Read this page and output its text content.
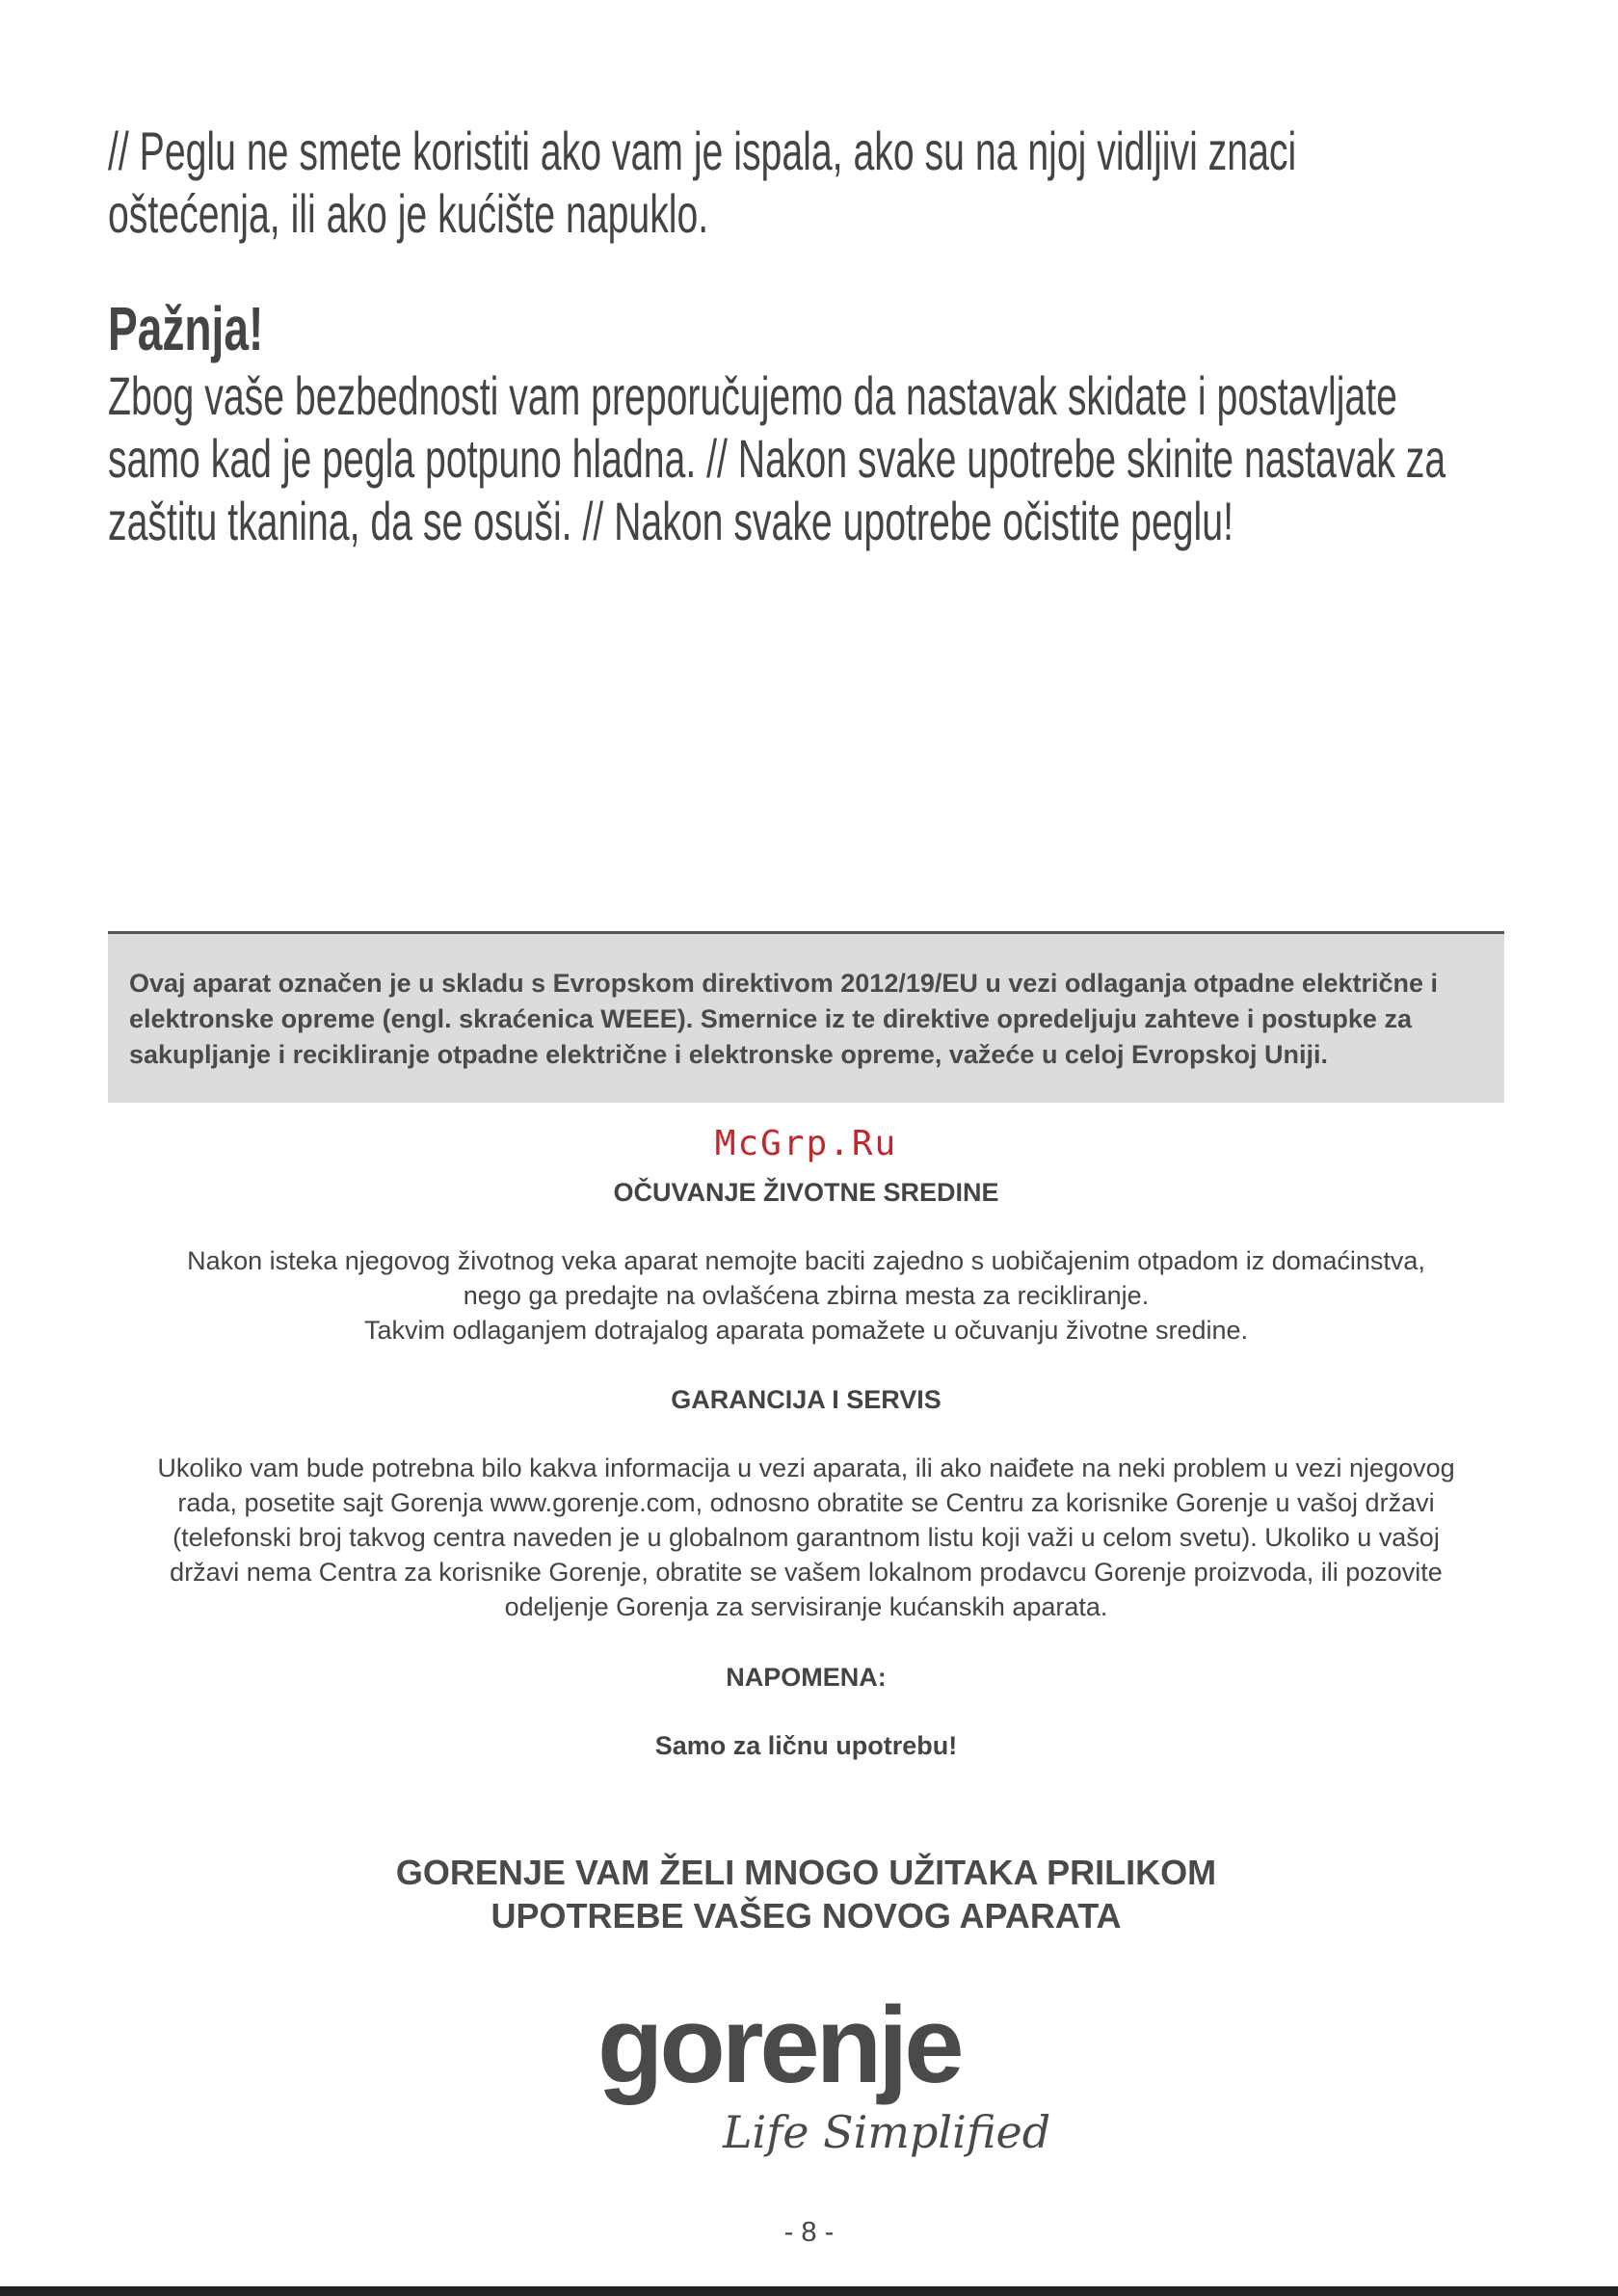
// Peglu ne smete koristiti ako vam je ispala, ako su na njoj vidljivi znaci oštećenja, ili ako je kućište napuklo.
Pažnja!
Zbog vaše bezbednosti vam preporučujemo da nastavak skidate i postavljate samo kad je pegla potpuno hladna. // Nakon svake upotrebe skinite nastavak za zaštitu tkanina, da se osuši. // Nakon svake upotrebe očistite peglu!
Ovaj aparat označen je u skladu s Evropskom direktivom 2012/19/EU u vezi odlaganja otpadne električne i elektronske opreme (engl. skraćenica WEEE). Smernice iz te direktive opredeljuju zahteve i postupke za sakupljanje i recikliranje otpadne električne i elektronske opreme, važeće u celoj Evropskoj Uniji.
McGrp.Ru
OČUVANJE ŽIVOTNE SREDINE
Nakon isteka njegovog životnog veka aparat nemojte baciti zajedno s uobičajenim otpadom iz domaćinstva,
nego ga predajte na ovlašćena zbirna mesta za recikliranje.
Takvim odlaganjem dotrajalog aparata pomažete u očuvanju životne sredine.
GARANCIJA I SERVIS
Ukoliko vam bude potrebna bilo kakva informacija u vezi aparata, ili ako naiđete na neki problem u vezi njegovog
rada, posetite sajt Gorenja www.gorenje.com, odnosno obratite se Centru za korisnike Gorenje u vašoj državi
(telefonski broj takvog centra naveden je u globalnom garantnom listu koji važi u celom svetu). Ukoliko u vašoj
državi nema Centra za korisnike Gorenje, obratite se vašem lokalnom prodavcu Gorenje proizvoda, ili pozovite
odeljenje Gorenja za servisiranje kućanskih aparata.
NAPOMENA:
Samo za ličnu upotrebu!
GORENJE VAM ŽELI MNOGO UŽITAKA PRILIKOM
UPOTREBE VAŠEG NOVOG APARATA
gorenje
Life Simplified
- 8 -
